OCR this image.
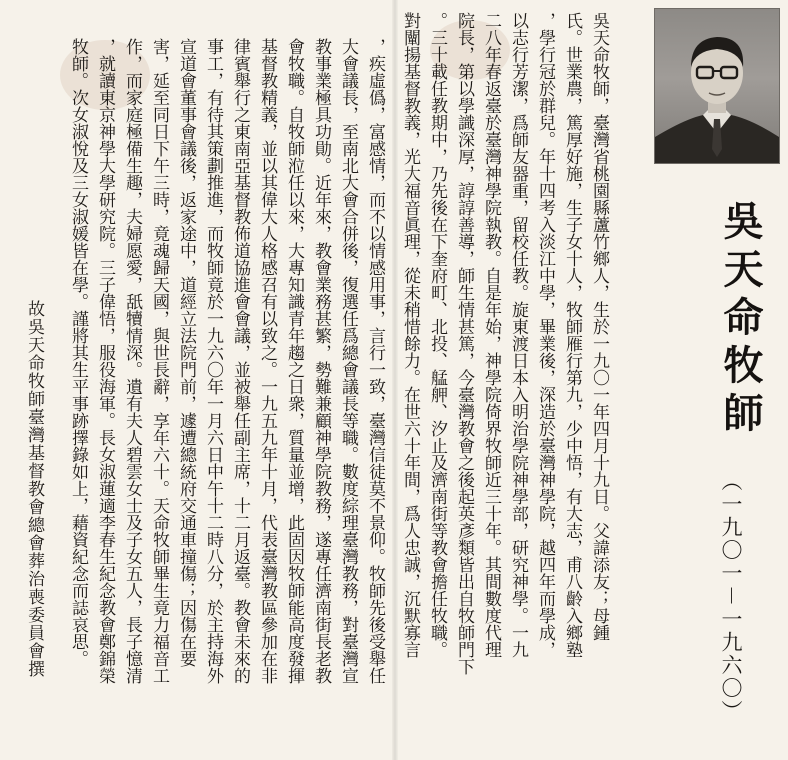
，疾虛僞，富感情，而不以情感用事，言行一致，臺灣信徒莫不景仰。牧師先後受舉任
大會議長，至南北大會合併後，復選任爲總會議長等職。數度綜理臺灣教務，對臺灣宣
教事業極具功勛。近年來，教會業務甚繁，勢難兼顧神學院教務，遂專任濟南街長老教
會牧職。自牧師涖任以來，大專知識青年趨之日衆，質量並增，此固因牧師能高度發揮
基督教精義，並以其偉大人格感召有以致之。一九五九年十月，代表臺灣教區參加在非
律賓舉行之東南亞基督教佈道協進會會議，並被舉任副主席，十二月返臺。教會未來的
事工，有待其策劃推進，而牧師竟於一九六〇年一月六日中午十二時八分，於主持海外
宣道會董事會議後，返家途中，道經立法院門前，遽遭總統府交通車撞傷；因傷在要
害，延至同日下午三時，竟魂歸天國，與世長辭，享年六十。天命牧師畢生竟力福音工
作，而家庭極備生趣，夫婦愿愛，舐犢情深。遺有夫人碧雲女士及子女五人，長子憶清
，就讀東京神學大學研究院。三子偉悟，服役海軍。長女淑蓮適李春生紀念教會鄭錦榮
牧師。次女淑悅及三女淑媛皆在學。謹將其生平事跡擇錄如上，藉資紀念而誌哀思。
故吳天命牧師臺灣基督教會總會葬治喪委員會撰	吳天命牧師，臺灣省桃園縣蘆竹鄉人，生於一九〇一年四月十九日。父諱添友；母鍾
氏。世業農，篤厚好施，生子女十人，牧師雁行第九，少中悟，有大志，甫八齡入鄉塾
，學行冠於群兒。年十四考入淡江中學，畢業後，深造於臺灣神學院，越四年而學成，
以志行芳潔，爲師友器重，留校任教。旋東渡日本入明治學院神學部，研究神學。一九
二八年春返臺於臺灣神學院執教。自是年始，神學院倚界牧師近三十年。其間數度代理
院長，第以學識深厚，諄諄善導，師生情甚篤，今臺灣教會之後起英彥類皆出自牧師門下
。三十載任教期中，乃先後在下奎府町、北投、艋舺、汐止及濟南街等教會擔任牧職。
對闡揚基督教義，光大福音眞理，從未稍惜餘力。在世六十年間，爲人忠誠，沉默寡言	吳天命牧師
（一九〇一－一九六〇）
